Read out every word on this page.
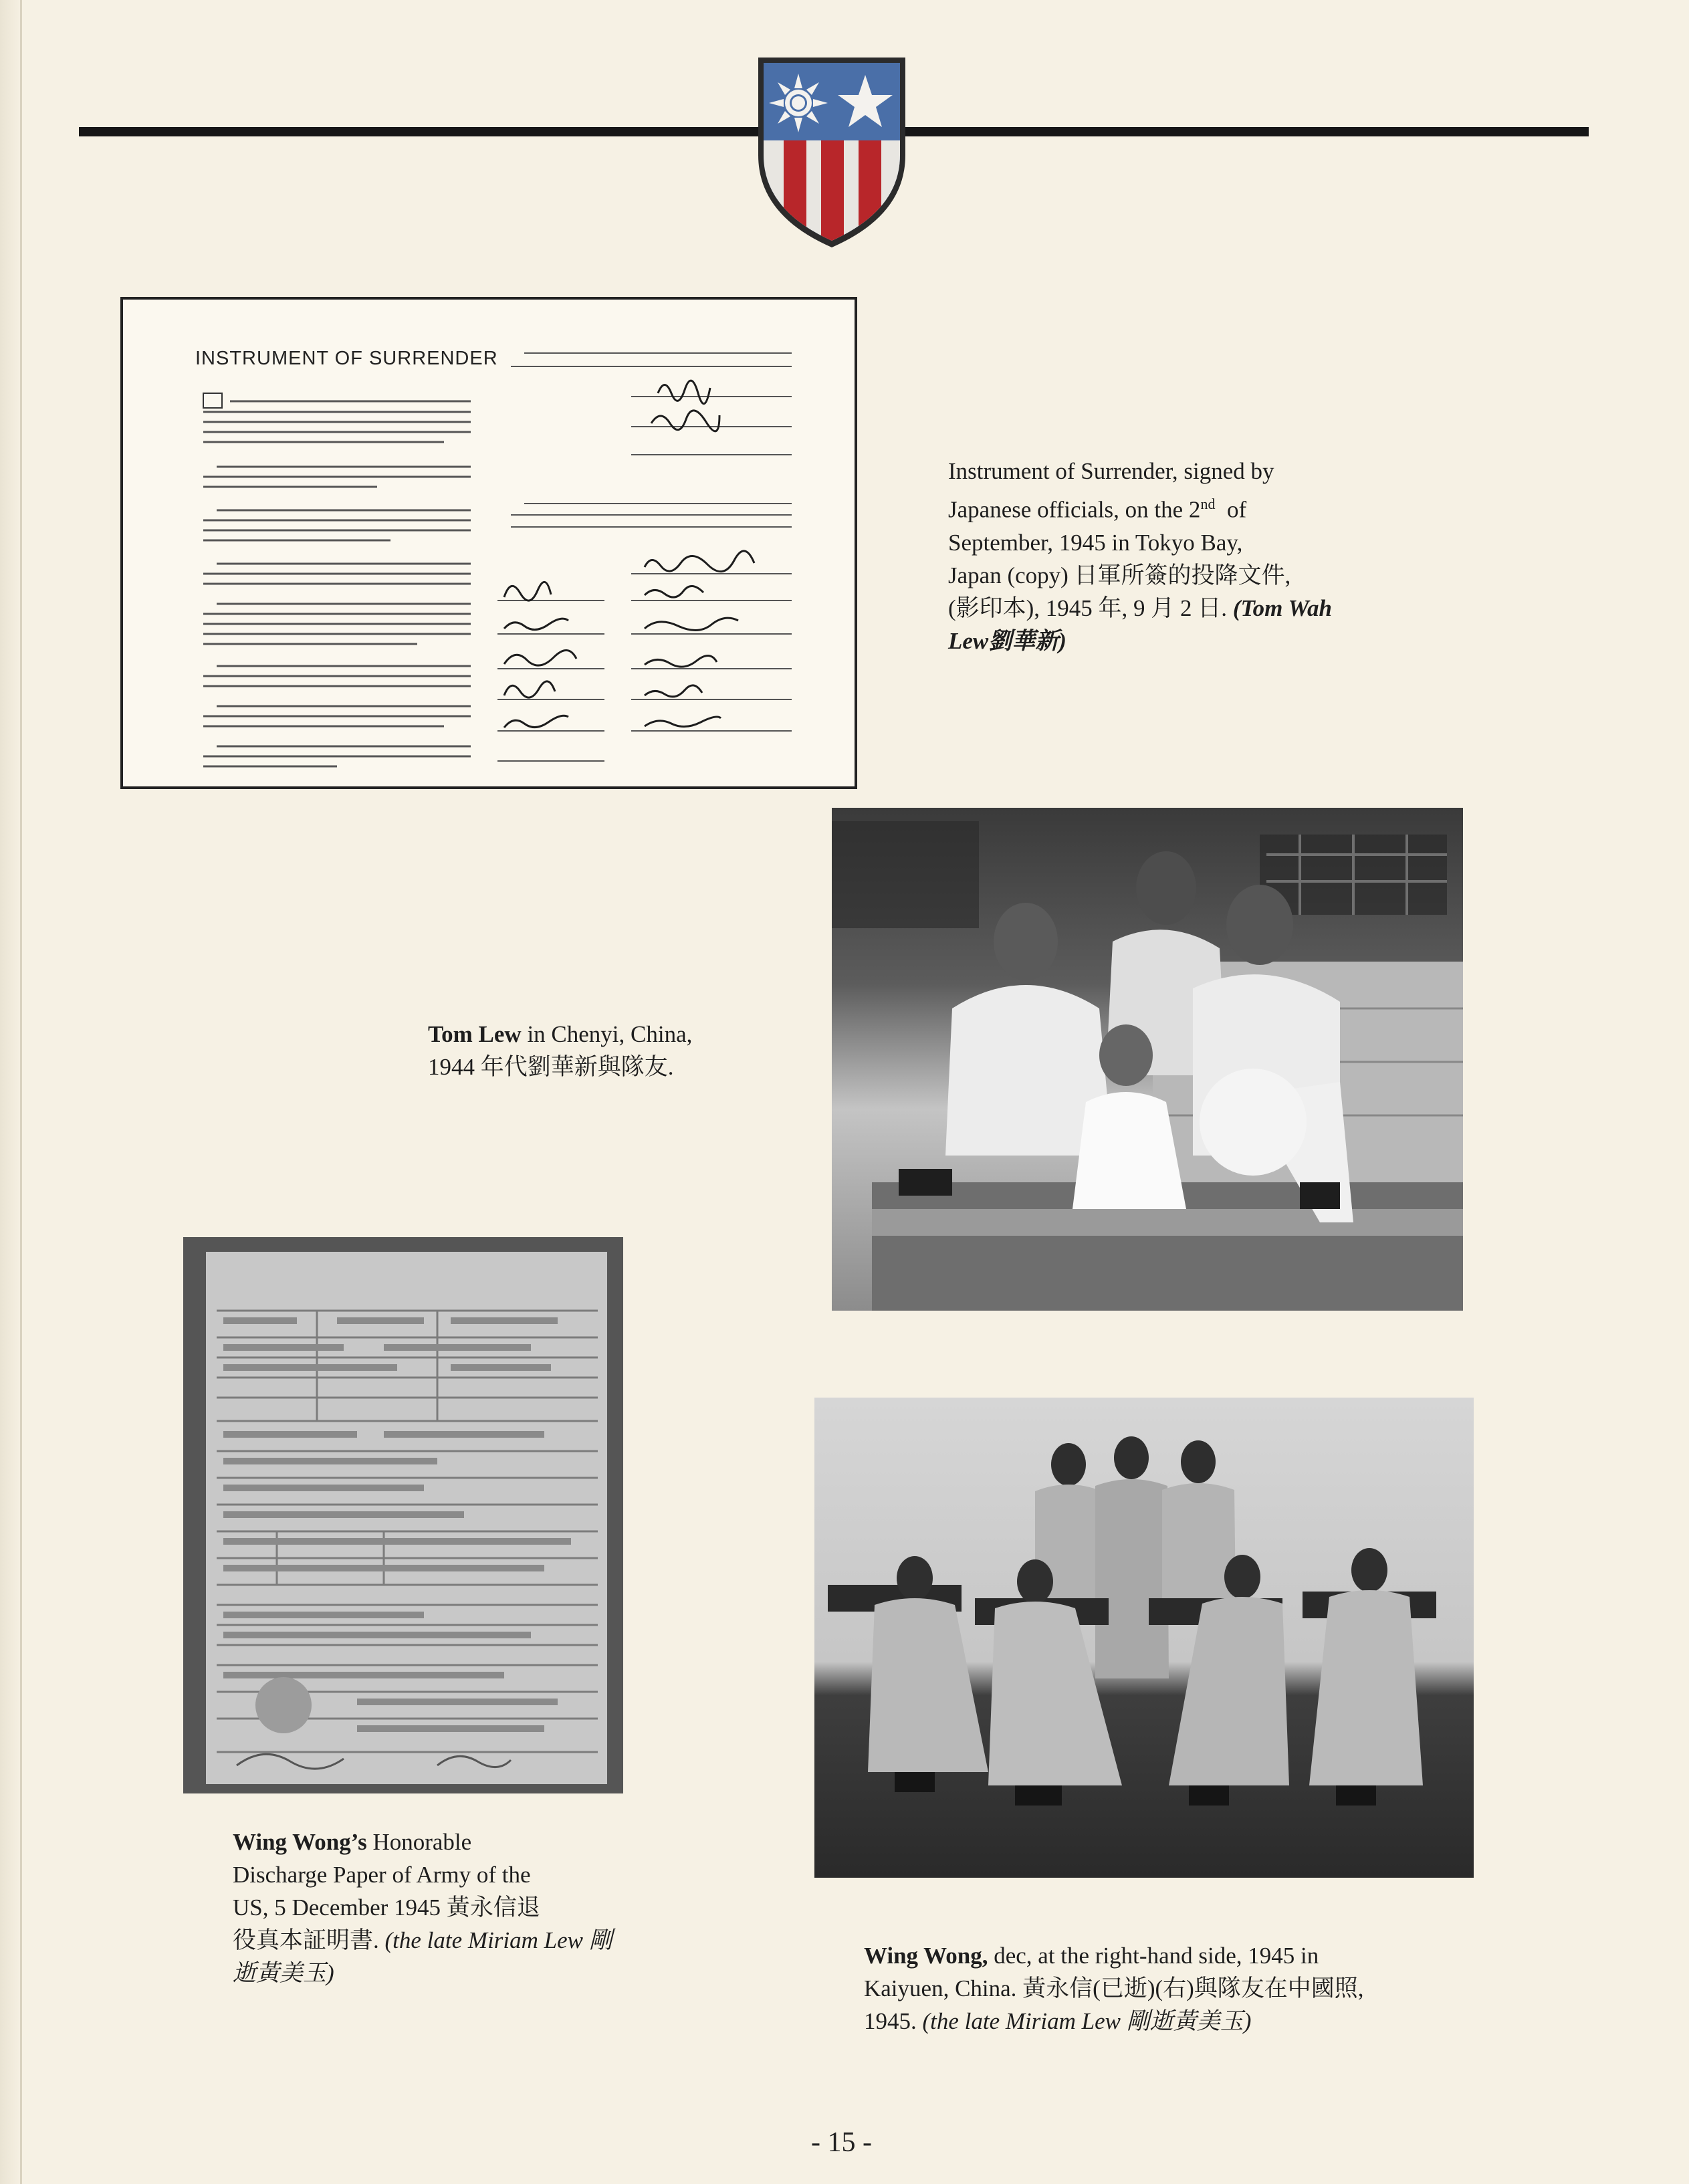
INSTRUMENT OF SURRENDER
Instrument of Surrender, signed by
Japanese officials, on the 2nd  of
September, 1945 in Tokyo Bay,
Japan (copy) 日軍所簽的投降文件,
(影印本), 1945 年, 9 月 2 日. (Tom Wah Lew劉華新)
Tom Lew in Chenyi, China,
1944 年代劉華新與隊友.
Wing Wong’s Honorable
Discharge Paper of Army of the
US, 5 December 1945 黃永信退
役真本証明書. (the late Miriam Lew 剛逝黃美玉)
Wing Wong, dec, at the right-hand side, 1945 in
Kaiyuen, China. 黃永信(已逝)(右)與隊友在中國照,
1945. (the late Miriam Lew 剛逝黃美玉)
- 15 -
